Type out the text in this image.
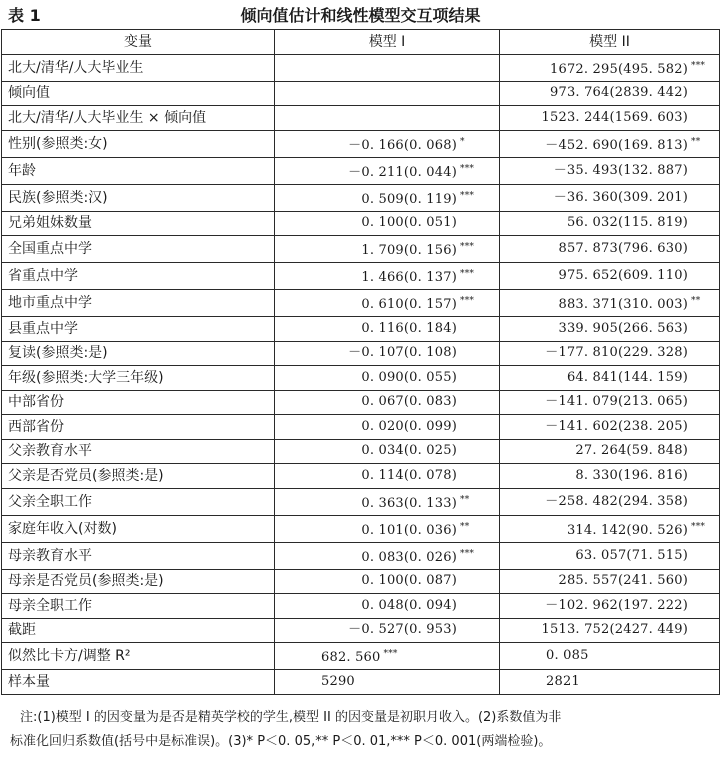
表 1	倾向值估计和线性模型交互项结果
变量	模型 I	模型 II
北大/清华/人大毕业生		1672. 295(495. 582) ***
倾向值		973. 764(2839. 442)
北大/清华/人大毕业生 × 倾向值		1523. 244(1569. 603)
性别(参照类:女)	－0. 166(0. 068) *	－452. 690(169. 813) **
年龄	－0. 211(0. 044) ***	－35. 493(132. 887)
民族(参照类:汉)	0. 509(0. 119) ***	－36. 360(309. 201)
兄弟姐妹数量	0. 100(0. 051)	56. 032(115. 819)
全国重点中学	1. 709(0. 156) ***	857. 873(796. 630)
省重点中学	1. 466(0. 137) ***	975. 652(609. 110)
地市重点中学	0. 610(0. 157) ***	883. 371(310. 003) **
县重点中学	0. 116(0. 184)	339. 905(266. 563)
复读(参照类:是)	－0. 107(0. 108)	－177. 810(229. 328)
年级(参照类:大学三年级)	0. 090(0. 055)	64. 841(144. 159)
中部省份	0. 067(0. 083)	－141. 079(213. 065)
西部省份	0. 020(0. 099)	－141. 602(238. 205)
父亲教育水平	0. 034(0. 025)	27. 264(59. 848)
父亲是否党员(参照类:是)	0. 114(0. 078)	8. 330(196. 816)
父亲全职工作	0. 363(0. 133) **	－258. 482(294. 358)
家庭年收入(对数)	0. 101(0. 036) **	314. 142(90. 526) ***
母亲教育水平	0. 083(0. 026) ***	63. 057(71. 515)
母亲是否党员(参照类:是)	0. 100(0. 087)	285. 557(241. 560)
母亲全职工作	0. 048(0. 094)	－102. 962(197. 222)
截距	－0. 527(0. 953)	1513. 752(2427. 449)
似然比卡方/调整 R²	682. 560 ***	0. 085
样本量	5290	2821
注:(1)模型 I 的因变量为是否是精英学校的学生,模型 II 的因变量是初职月收入。(2)系数值为非
标准化回归系数值(括号中是标准误)。(3)* P＜0. 05,** P＜0. 01,*** P＜0. 001(两端检验)。
